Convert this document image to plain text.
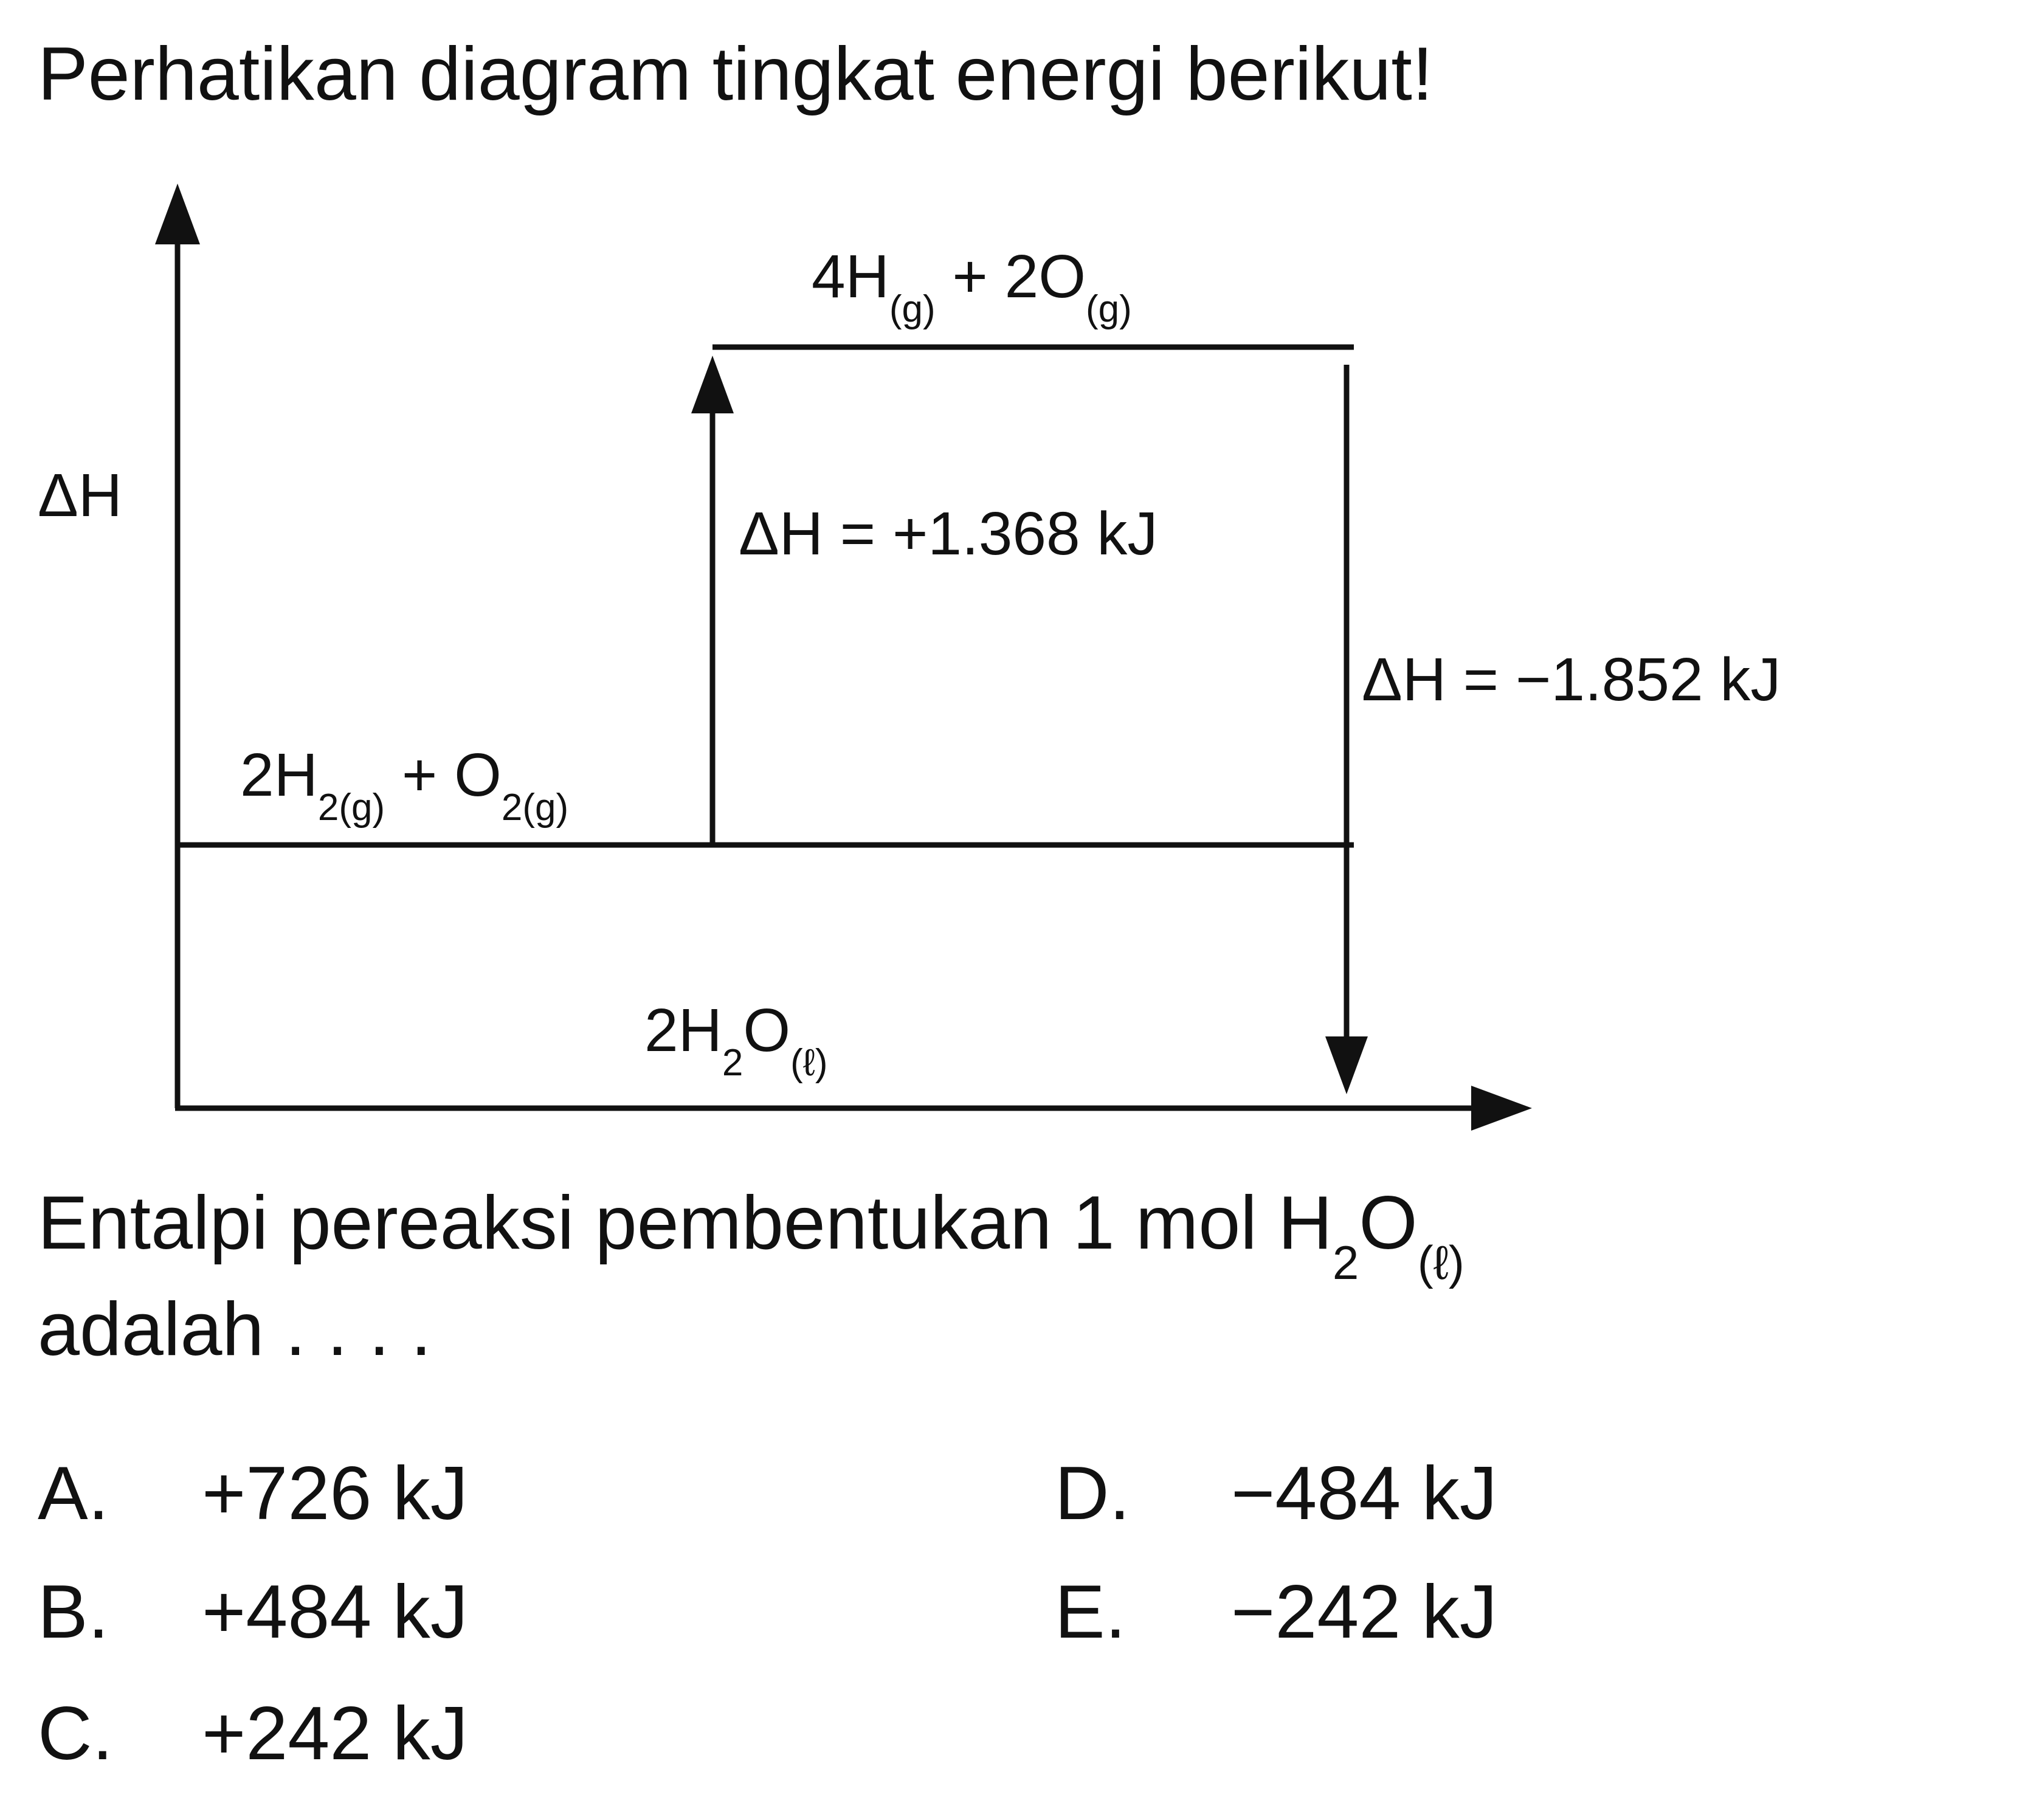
Perhatikan diagram tingkat energi berikut!
ΔH
$4H_{(g)} + 2O_{(g)}$
$2H_{2(g)} + O_{2(g)}$
$2H_2O_{(\ell)}$
ΔH = +1.368 kJ
ΔH = −1.852 kJ
Entalpi pereaksi pembentukan 1 mol $H_2O_{(\ell)}$
adalah . . . .
A. +726 kJ
B. +484 kJ
C. +242 kJ
D. −484 kJ
E. −242 kJ
